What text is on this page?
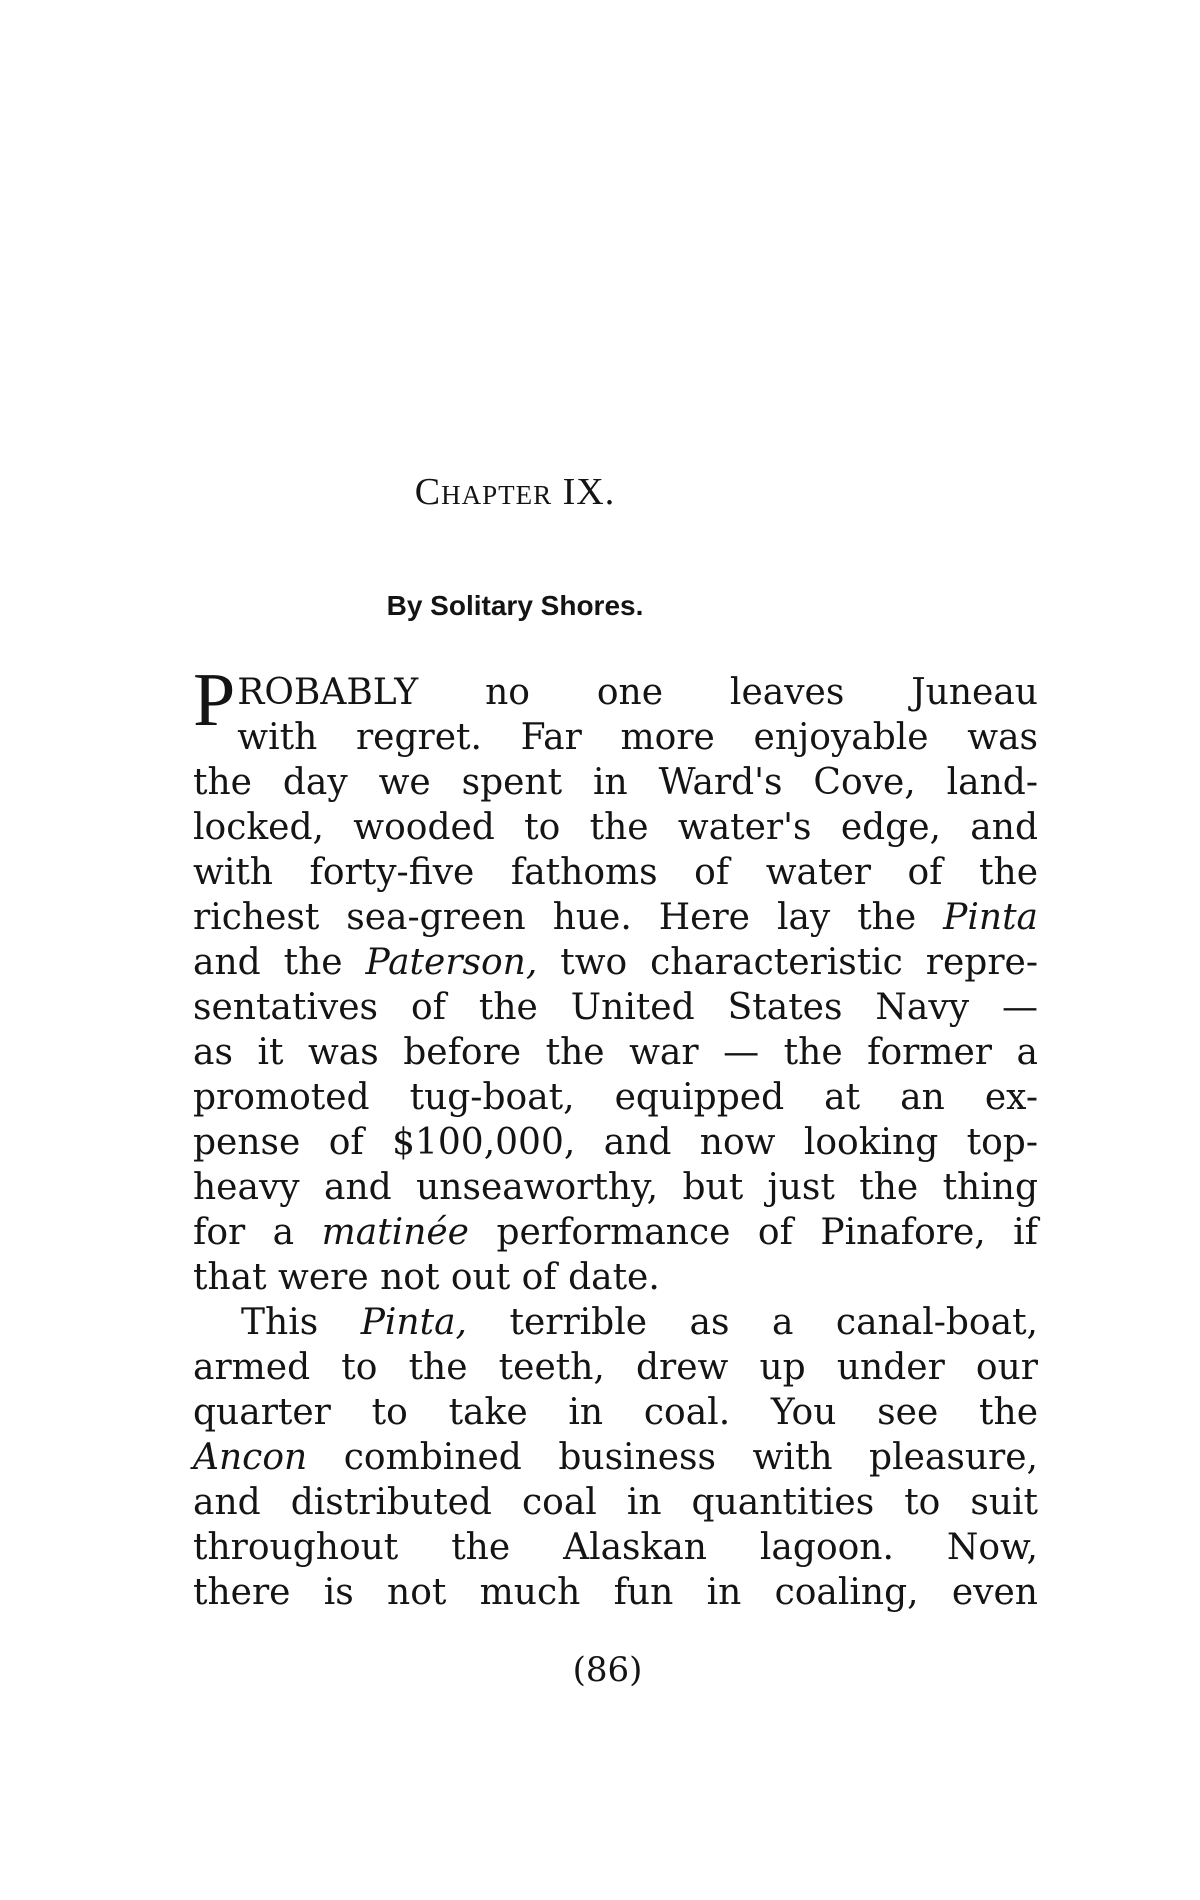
Chapter IX.
By Solitary Shores.

P ROBABLY no one leaves Juneau
with regret. Far more enjoyable was
the day we spent in Ward's Cove, land-
locked, wooded to the water's edge, and
with forty-five fathoms of water of the
richest sea-green hue. Here lay the Pinta
and the Paterson, two characteristic repre-
sentatives of the United States Navy —
as it was before the war — the former a
promoted tug-boat, equipped at an ex-
pense of $100,000, and now looking top-
heavy and unseaworthy, but just the thing
for a matinée performance of Pinafore, if
that were not out of date.

This Pinta, terrible as a canal-boat,
armed to the teeth, drew up under our
quarter to take in coal. You see the
Ancon combined business with pleasure,
and distributed coal in quantities to suit
throughout the Alaskan lagoon. Now,
there is not much fun in coaling, even

(86)
